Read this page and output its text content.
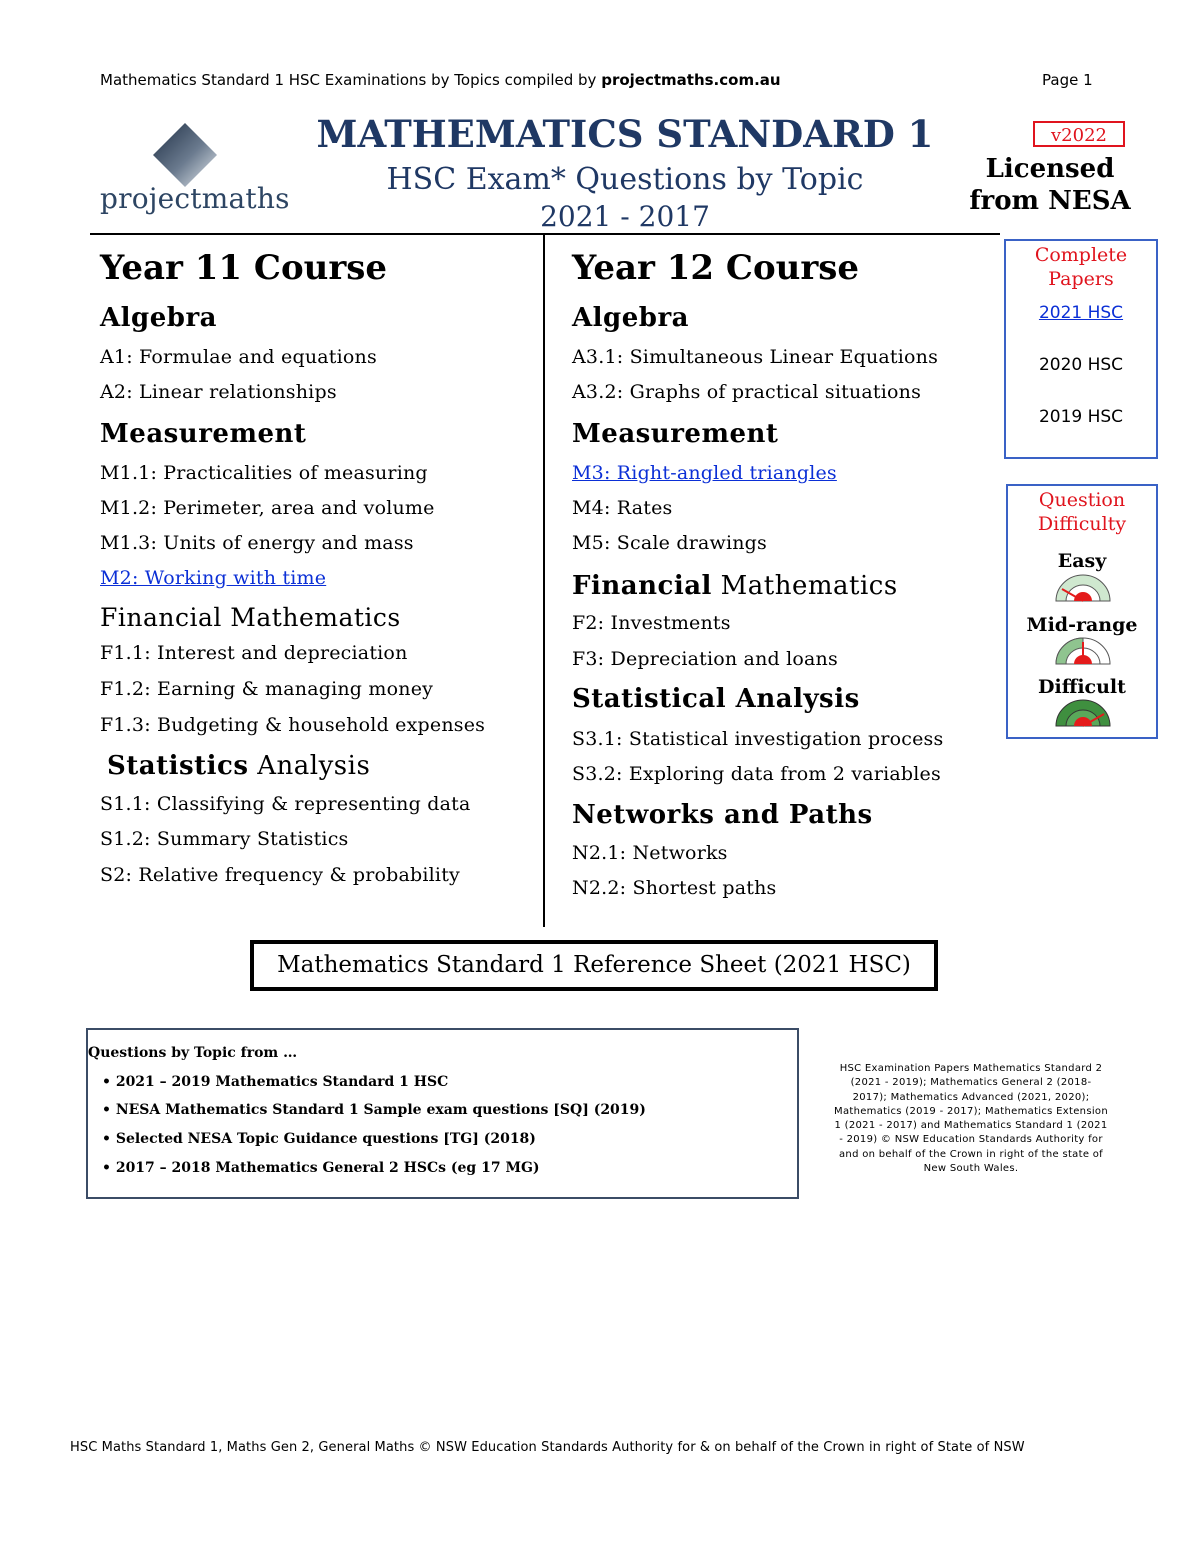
Mathematics Standard 1 HSC Examinations by Topics compiled by projectmaths.com.au	Page 1
projectmaths
MATHEMATICS STANDARD 1
HSC Exam* Questions by Topic
2021 - 2017
v2022
Licensed
from NESA
Year 11 Course
Algebra
A1: Formulae and equations
A2: Linear relationships
Measurement
M1.1: Practicalities of measuring
M1.2: Perimeter, area and volume
M1.3: Units of energy and mass
M2: Working with time
Financial Mathematics
F1.1: Interest and depreciation
F1.2: Earning & managing money
F1.3: Budgeting & household expenses
Statistics Analysis
S1.1: Classifying & representing data
S1.2: Summary Statistics
S2: Relative frequency & probability
Year 12 Course
Algebra
A3.1: Simultaneous Linear Equations
A3.2: Graphs of practical situations
Measurement
M3: Right-angled triangles
M4: Rates
M5: Scale drawings
Financial Mathematics
F2: Investments
F3: Depreciation and loans
Statistical Analysis
S3.1: Statistical investigation process
S3.2: Exploring data from 2 variables
Networks and Paths
N2.1: Networks
N2.2: Shortest paths
Complete
Papers
2021 HSC
2020 HSC
2019 HSC
Question
Difficulty
Easy
Mid-range
Difficult
Mathematics Standard 1 Reference Sheet (2021 HSC)
Questions by Topic from …
• 2021 – 2019 Mathematics Standard 1 HSC
• NESA Mathematics Standard 1 Sample exam questions [SQ] (2019)
• Selected NESA Topic Guidance questions [TG] (2018)
• 2017 – 2018 Mathematics General 2 HSCs (eg 17 MG)
HSC Examination Papers Mathematics Standard 2
(2021 - 2019); Mathematics General 2 (2018-
2017); Mathematics Advanced (2021, 2020);
Mathematics (2019 - 2017); Mathematics Extension
1 (2021 - 2017) and Mathematics Standard 1 (2021
- 2019) © NSW Education Standards Authority for
and on behalf of the Crown in right of the state of
New South Wales.
HSC Maths Standard 1, Maths Gen 2, General Maths © NSW Education Standards Authority for & on behalf of the Crown in right of State of NSW
